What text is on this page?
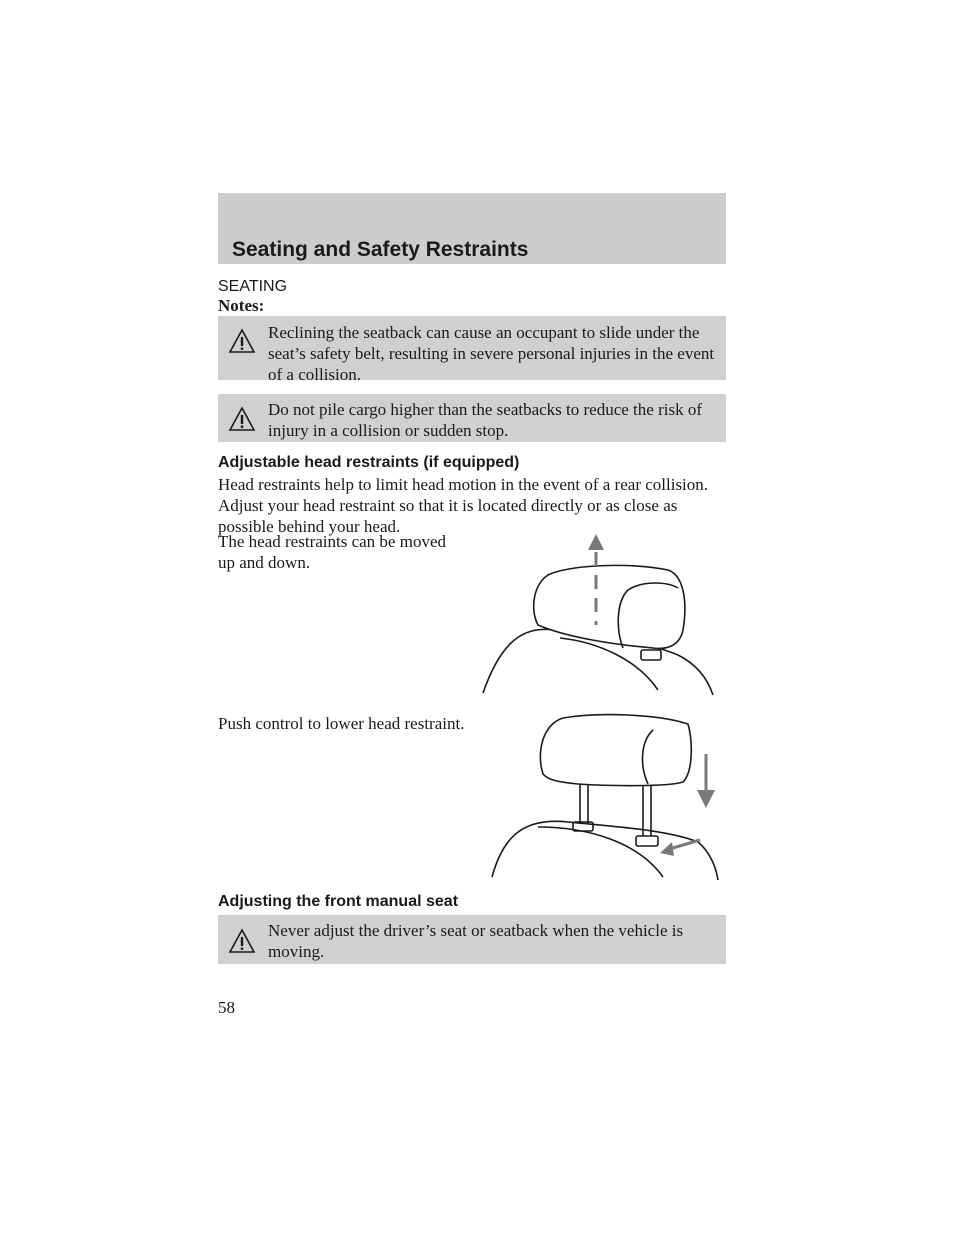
Seating and Safety Restraints
SEATING
Notes:
Reclining the seatback can cause an occupant to slide under the seat’s safety belt, resulting in severe personal injuries in the event of a collision.
Do not pile cargo higher than the seatbacks to reduce the risk of injury in a collision or sudden stop.
Adjustable head restraints (if equipped)
Head restraints help to limit head motion in the event of a rear collision. Adjust your head restraint so that it is located directly or as close as possible behind your head.
The head restraints can be moved up and down.
Push control to lower head restraint.
Adjusting the front manual seat
Never adjust the driver’s seat or seatback when the vehicle is moving.
58
